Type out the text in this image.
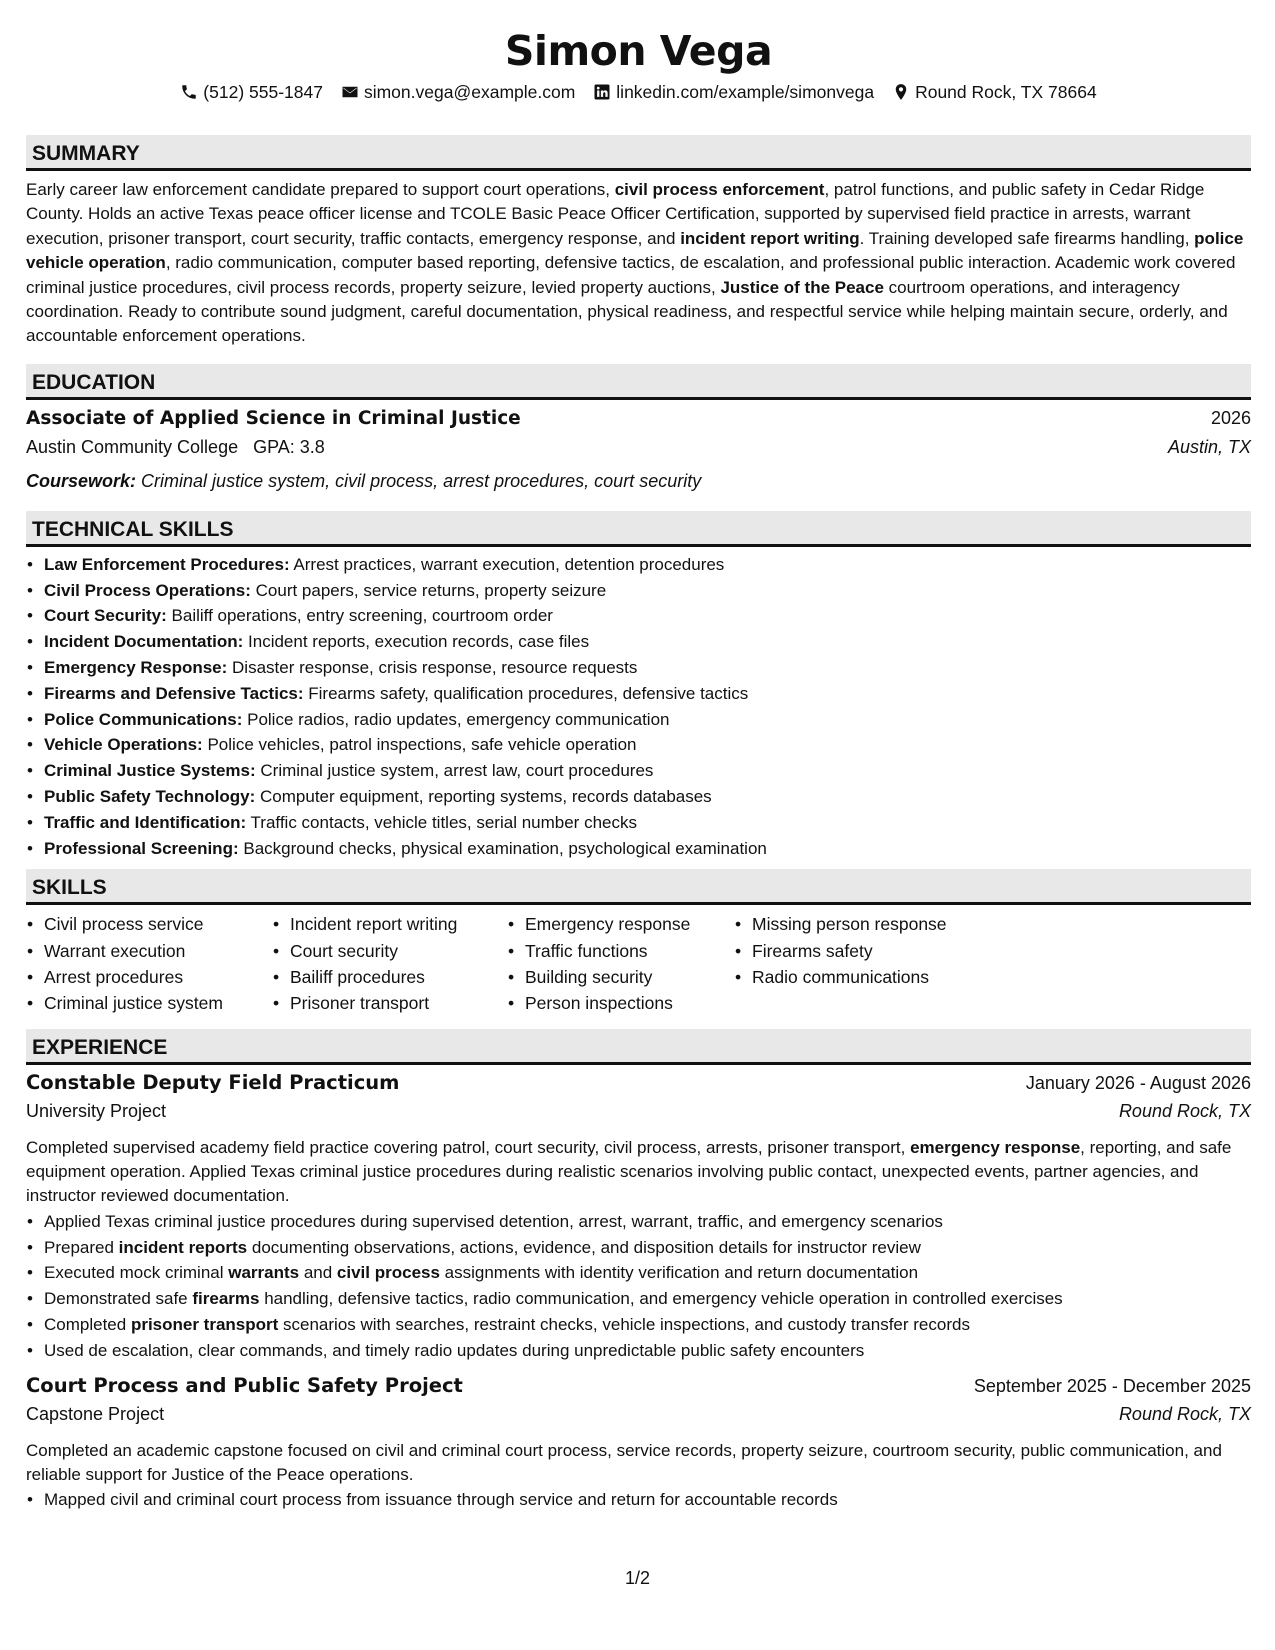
Simon Vega
(512) 555-1847 simon.vega@example.com linkedin.com/example/simonvega Round Rock, TX 78664
SUMMARY

Early career law enforcement candidate prepared to support court operations, civil process enforcement, patrol functions, and public safety in Cedar Ridge County. Holds an active Texas peace officer license and TCOLE Basic Peace Officer Certification, supported by supervised field practice in arrests, warrant execution, prisoner transport, court security, traffic contacts, emergency response, and incident report writing. Training developed safe firearms handling, police vehicle operation, radio communication, computer based reporting, defensive tactics, de escalation, and professional public interaction. Academic work covered criminal justice procedures, civil process records, property seizure, levied property auctions, Justice of the Peace courtroom operations, and interagency coordination. Ready to contribute sound judgment, careful documentation, physical readiness, and respectful service while helping maintain secure, orderly, and accountable enforcement operations.

EDUCATION
Associate of Applied Science in Criminal Justice	2026
Austin Community College GPA: 3.8	Austin, TX
Coursework: Criminal justice system, civil process, arrest procedures, court security
TECHNICAL SKILLS
• Law Enforcement Procedures: Arrest practices, warrant execution, detention procedures
• Civil Process Operations: Court papers, service returns, property seizure
• Court Security: Bailiff operations, entry screening, courtroom order
• Incident Documentation: Incident reports, execution records, case files
• Emergency Response: Disaster response, crisis response, resource requests
• Firearms and Defensive Tactics: Firearms safety, qualification procedures, defensive tactics
• Police Communications: Police radios, radio updates, emergency communication
• Vehicle Operations: Police vehicles, patrol inspections, safe vehicle operation
• Criminal Justice Systems: Criminal justice system, arrest law, court procedures
• Public Safety Technology: Computer equipment, reporting systems, records databases
• Traffic and Identification: Traffic contacts, vehicle titles, serial number checks
• Professional Screening: Background checks, physical examination, psychological examination
SKILLS
• Civil process service
• Warrant execution
• Arrest procedures
• Criminal justice system
• Incident report writing
• Court security
• Bailiff procedures
• Prisoner transport
• Emergency response
• Traffic functions
• Building security
• Person inspections
• Missing person response
• Firearms safety
• Radio communications
EXPERIENCE
Constable Deputy Field Practicum	January 2026 - August 2026
University Project	Round Rock, TX

Completed supervised academy field practice covering patrol, court security, civil process, arrests, prisoner transport, emergency response, reporting, and safe equipment operation. Applied Texas criminal justice procedures during realistic scenarios involving public contact, unexpected events, partner agencies, and instructor reviewed documentation.

• Applied Texas criminal justice procedures during supervised detention, arrest, warrant, traffic, and emergency scenarios
• Prepared incident reports documenting observations, actions, evidence, and disposition details for instructor review
• Executed mock criminal warrants and civil process assignments with identity verification and return documentation
• Demonstrated safe firearms handling, defensive tactics, radio communication, and emergency vehicle operation in controlled exercises
• Completed prisoner transport scenarios with searches, restraint checks, vehicle inspections, and custody transfer records
• Used de escalation, clear commands, and timely radio updates during unpredictable public safety encounters
Court Process and Public Safety Project	September 2025 - December 2025
Capstone Project	Round Rock, TX

Completed an academic capstone focused on civil and criminal court process, service records, property seizure, courtroom security, public communication, and reliable support for Justice of the Peace operations.

• Mapped civil and criminal court process from issuance through service and return for accountable records
1/2
